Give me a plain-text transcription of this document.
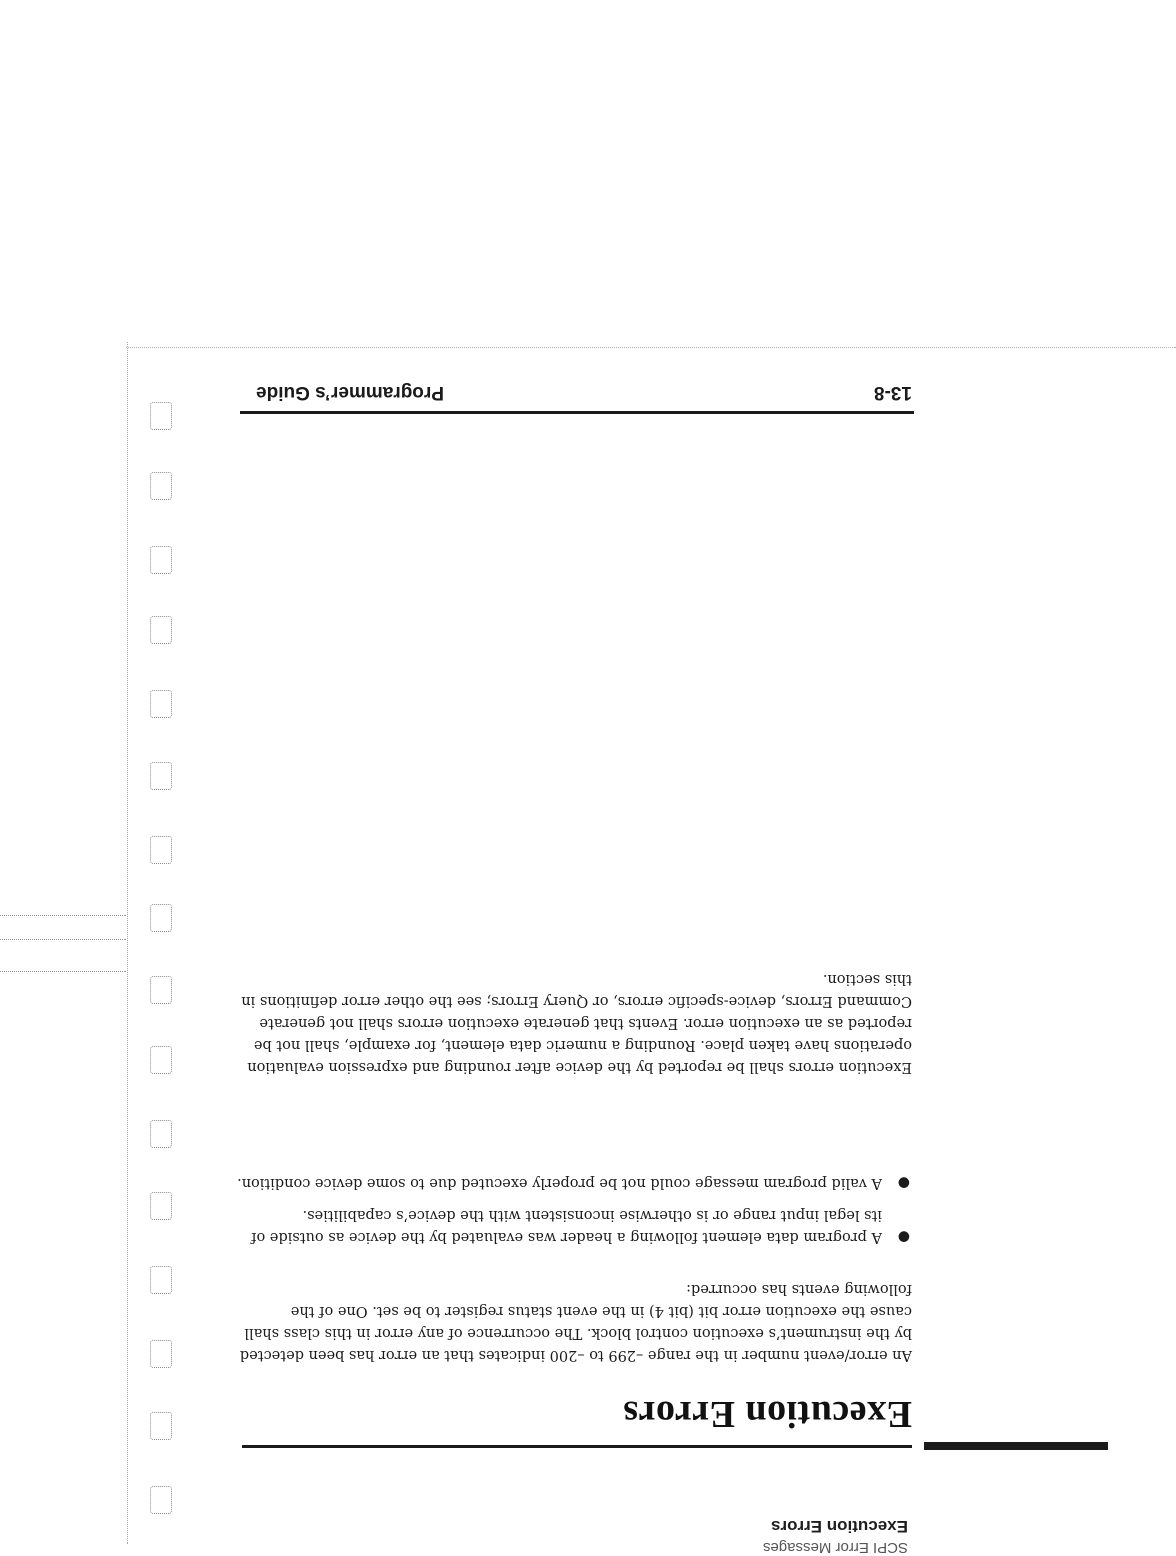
SCPI Error Messages
Execution Errors
Execution Errors
An error/event number in the range –299 to –200 indicates that an error has been detected by the instrument’s execution control block. The occurrence of any error in this class shall cause the execution error bit (bit 4) in the event status register to be set. One of the following events has occurred:
●
A program data element following a header was evaluated by the device as outside of its legal input range or is otherwise inconsistent with the device’s capabilities.
●
A valid program message could not be properly executed due to some device condition.
Execution errors shall be reported by the device after rounding and expression evaluation operations have taken place. Rounding a numeric data element, for example, shall not be reported as an execution error. Events that generate execution errors shall not generate Command Errors, device-specific errors, or Query Errors; see the other error definitions in this section.
13-8
Programmer’s Guide
